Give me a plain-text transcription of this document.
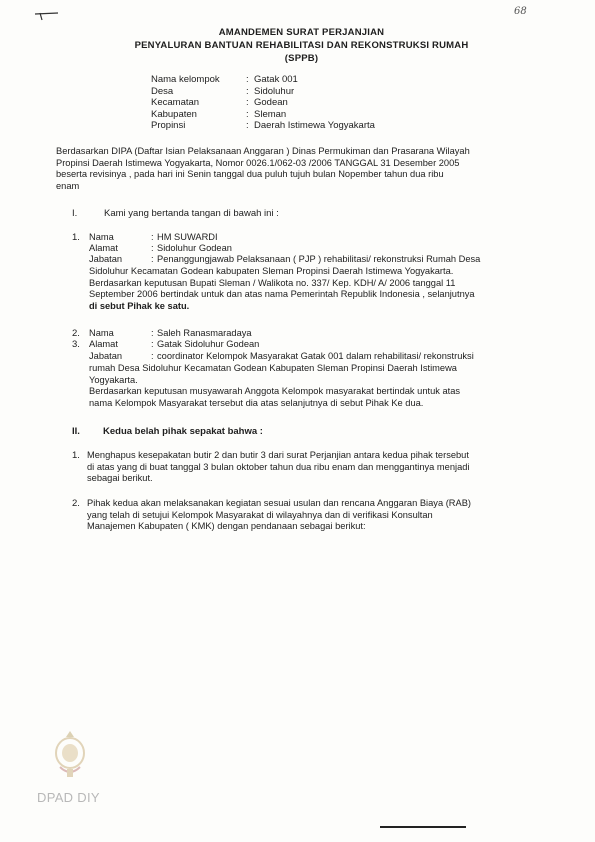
68
AMANDEMEN SURAT PERJANJIAN
PENYALURAN BANTUAN REHABILITASI DAN REKONSTRUKSI RUMAH
(SPPB)
Nama kelompok	: Gatak 001
Desa	: Sidoluhur
Kecamatan	: Godean
Kabupaten	: Sleman
Propinsi	: Daerah Istimewa Yogyakarta
Berdasarkan DIPA (Daftar Isian Pelaksanaan Anggaran ) Dinas Permukiman dan Prasarana Wilayah
Propinsi Daerah Istimewa Yogyakarta, Nomor 0026.1/062-03 /2006 TANGGAL 31 Desember 2005
beserta revisinya , pada hari ini Senin tanggal dua puluh tujuh bulan Nopember tahun dua ribu
enam
I.	Kami yang bertanda tangan di bawah ini :
1. Nama	: HM SUWARDI
Alamat	: Sidoluhur Godean
Jabatan	: Penanggungjawab Pelaksanaan ( PJP ) rehabilitasi/ rekonstruksi Rumah Desa
Sidoluhur Kecamatan Godean kabupaten Sleman Propinsi Daerah Istimewa Yogyakarta.
Berdasarkan keputusan Bupati Sleman / Walikota no. 337/ Kep. KDH/ A/ 2006 tanggal 11
September 2006 bertindak untuk dan atas nama Pemerintah Republik Indonesia , selanjutnya
di sebut Pihak ke satu.
2.
3.
Nama	: Saleh Ranasmaradaya
Alamat	: Gatak Sidoluhur Godean
Jabatan	: coordinator Kelompok Masyarakat Gatak 001 dalam rehabilitasi/ rekonstruksi
rumah Desa Sidoluhur Kecamatan Godean Kabupaten Sleman Propinsi Daerah Istimewa
Yogyakarta.
Berdasarkan keputusan musyawarah Anggota Kelompok masyarakat bertindak untuk atas
nama Kelompok Masyarakat tersebut dia atas selanjutnya di sebut Pihak Ke dua.
II. Kedua belah pihak sepakat bahwa :
1. Menghapus kesepakatan butir 2 dan butir 3 dari surat Perjanjian antara kedua pihak tersebut
di atas yang di buat tanggal 3 bulan oktober tahun dua ribu enam dan menggantinya menjadi
sebagai berikut.
2. Pihak kedua akan melaksanakan kegiatan sesuai usulan dan rencana Anggaran Biaya (RAB)
yang telah di setujui Kelompok Masyarakat di wilayahnya dan di verifikasi Konsultan
Manajemen Kabupaten ( KMK) dengan pendanaan sebagai berikut:
DPAD DIY
